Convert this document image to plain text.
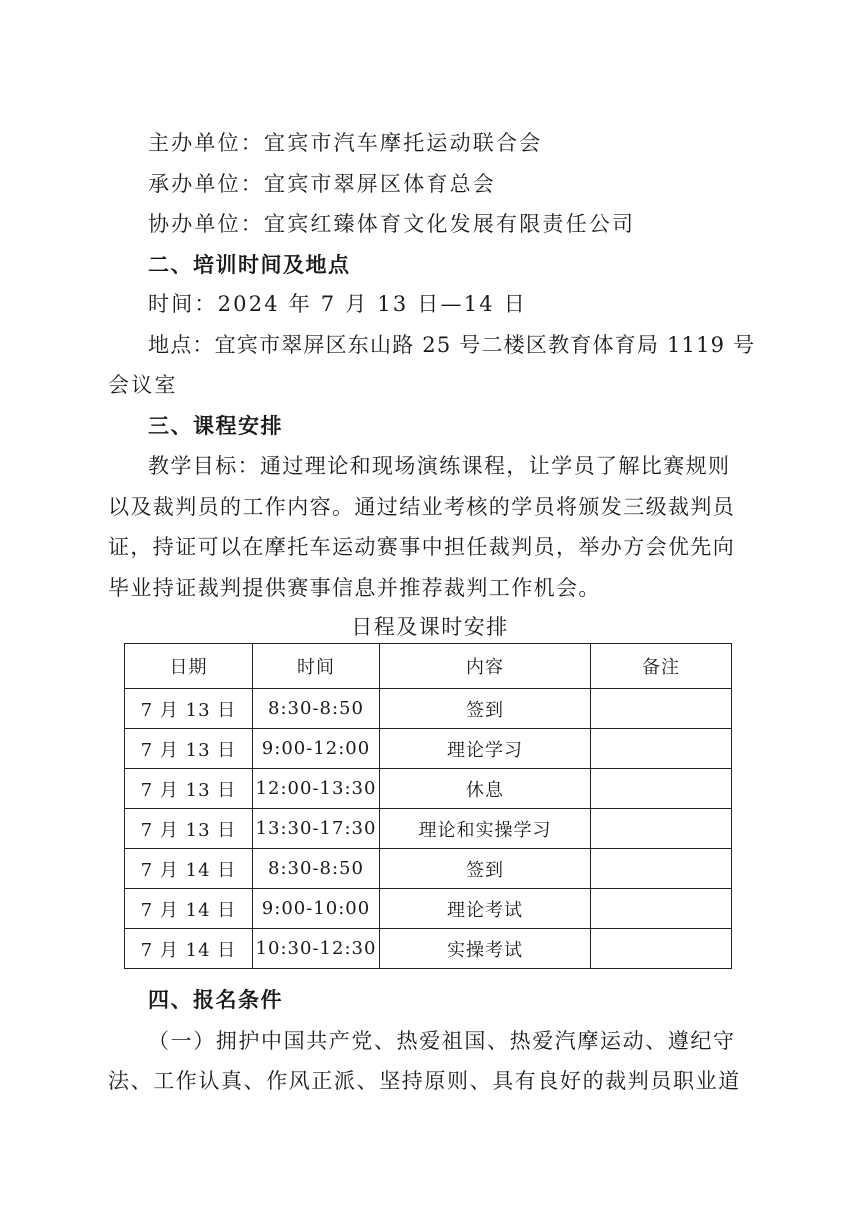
主办单位：宜宾市汽车摩托运动联合会
承办单位：宜宾市翠屏区体育总会
协办单位：宜宾红臻体育文化发展有限责任公司
二、培训时间及地点
时间：2024 年 7 月 13 日—14 日
地点：宜宾市翠屏区东山路 25 号二楼区教育体育局 1119 号
会议室
三、课程安排
教学目标：通过理论和现场演练课程，让学员了解比赛规则
以及裁判员的工作内容。通过结业考核的学员将颁发三级裁判员
证，持证可以在摩托车运动赛事中担任裁判员，举办方会优先向
毕业持证裁判提供赛事信息并推荐裁判工作机会。
日程及课时安排
日期	时间	内容	备注
7 月 13 日	8:30-8:50	签到	
7 月 13 日	9:00-12:00	理论学习	
7 月 13 日	12:00-13:30	休息	
7 月 13 日	13:30-17:30	理论和实操学习	
7 月 14 日	8:30-8:50	签到	
7 月 14 日	9:00-10:00	理论考试	
7 月 14 日	10:30-12:30	实操考试	
四、报名条件
（一）拥护中国共产党、热爱祖国、热爱汽摩运动、遵纪守
法、工作认真、作风正派、坚持原则、具有良好的裁判员职业道
